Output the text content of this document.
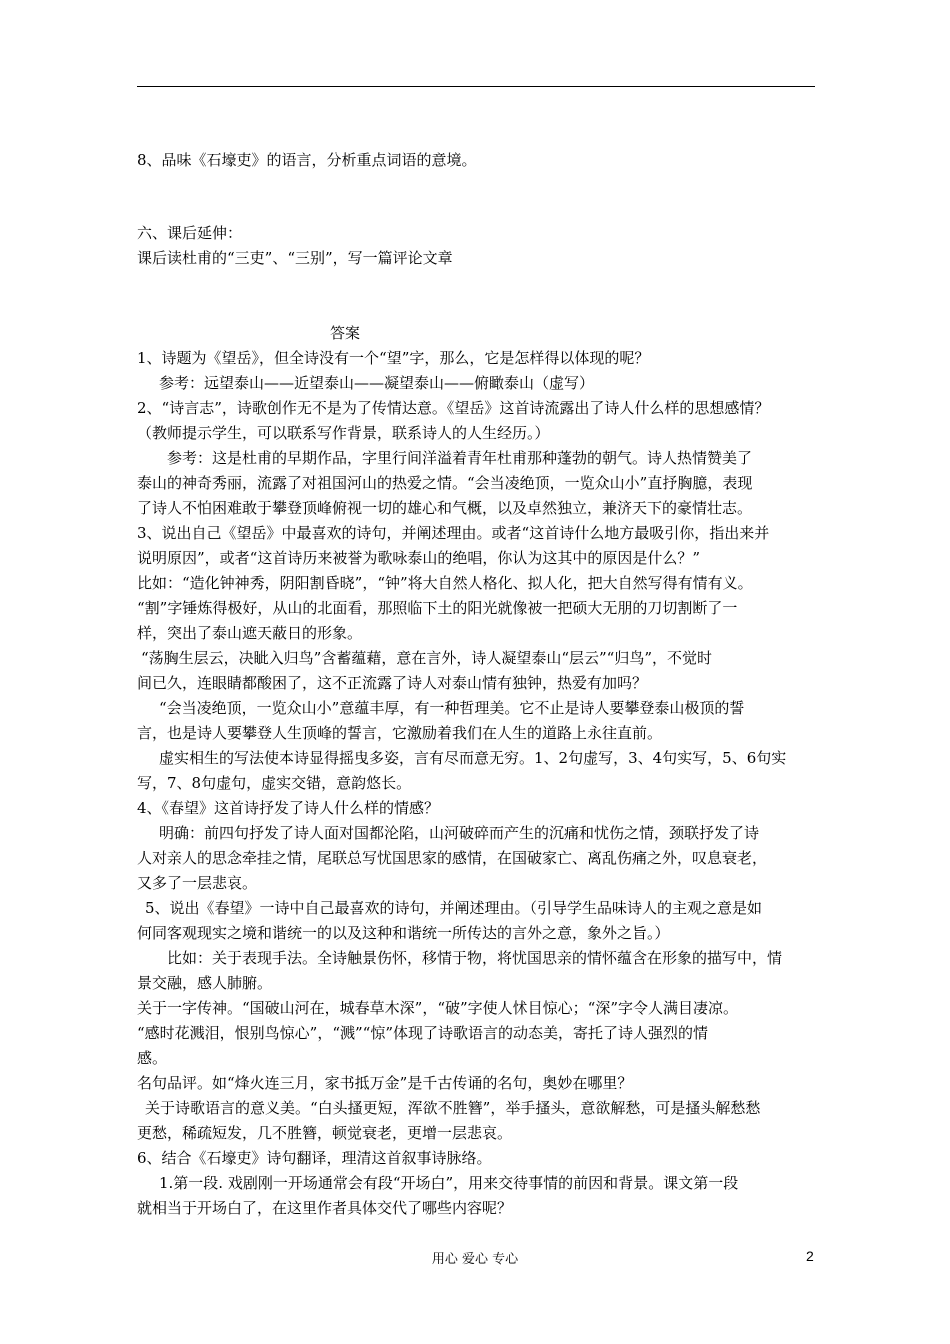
8、品味《石壕吏》的语言，分析重点词语的意境。
六、课后延伸：
课后读杜甫的“三吏”、“三别”，写一篇评论文章
答案
1、诗题为《望岳》，但全诗没有一个“望”字，那么，它是怎样得以体现的呢？
参考：远望泰山——近望泰山——凝望泰山——俯瞰泰山（虚写）
2、“诗言志”，诗歌创作无不是为了传情达意。《望岳》这首诗流露出了诗人什么样的思想感情？
（教师提示学生，可以联系写作背景，联系诗人的人生经历。）
参考：这是杜甫的早期作品，字里行间洋溢着青年杜甫那种蓬勃的朝气。诗人热情赞美了
泰山的神奇秀丽，流露了对祖国河山的热爱之情。“会当凌绝顶，一览众山小”直抒胸臆，表现
了诗人不怕困难敢于攀登顶峰俯视一切的雄心和气概，以及卓然独立，兼济天下的豪情壮志。
3、说出自己《望岳》中最喜欢的诗句，并阐述理由。或者“这首诗什么地方最吸引你，指出来并
说明原因”，或者“这首诗历来被誉为歌咏泰山的绝唱，你认为这其中的原因是什么？”
比如：“造化钟神秀，阴阳割昏晓”，“钟”将大自然人格化、拟人化，把大自然写得有情有义。
“割”字锤炼得极好，从山的北面看，那照临下土的阳光就像被一把硕大无朋的刀切割断了一
样，突出了泰山遮天蔽日的形象。
“荡胸生层云，决眦入归鸟”含蓄蕴藉，意在言外，诗人凝望泰山“层云”“归鸟”，不觉时
间已久，连眼睛都酸困了，这不正流露了诗人对泰山情有独钟，热爱有加吗？
“会当凌绝顶，一览众山小”意蕴丰厚，有一种哲理美。它不止是诗人要攀登泰山极顶的誓
言，也是诗人要攀登人生顶峰的誓言，它激励着我们在人生的道路上永往直前。
虚实相生的写法使本诗显得摇曳多姿，言有尽而意无穷。1、2句虚写，3、4句实写，5、6句实
写，7、8句虚句，虚实交错，意韵悠长。
4、《春望》这首诗抒发了诗人什么样的情感？
明确：前四句抒发了诗人面对国都沦陷，山河破碎而产生的沉痛和忧伤之情，颈联抒发了诗
人对亲人的思念牵挂之情，尾联总写忧国思家的感情，在国破家亡、离乱伤痛之外，叹息衰老，
又多了一层悲哀。
5、说出《春望》一诗中自己最喜欢的诗句，并阐述理由。（引导学生品味诗人的主观之意是如
何同客观现实之境和谐统一的以及这种和谐统一所传达的言外之意，象外之旨。）
比如：关于表现手法。全诗触景伤怀，移情于物，将忧国思亲的情怀蕴含在形象的描写中，情
景交融，感人肺腑。
关于一字传神。“国破山河在，城春草木深”，“破”字使人怵目惊心；“深”字令人满目凄凉。
“感时花溅泪，恨别鸟惊心”，“溅”“惊”体现了诗歌语言的动态美，寄托了诗人强烈的情
感。
名句品评。如“烽火连三月，家书抵万金”是千古传诵的名句，奥妙在哪里？
关于诗歌语言的意义美。“白头搔更短，浑欲不胜簪”，举手搔头，意欲解愁，可是搔头解愁愁
更愁，稀疏短发，几不胜簪，顿觉衰老，更增一层悲哀。
6、结合《石壕吏》诗句翻译，理清这首叙事诗脉络。
1.第一段. 戏剧刚一开场通常会有段“开场白”，用来交待事情的前因和背景。课文第一段
就相当于开场白了，在这里作者具体交代了哪些内容呢？
用心 爱心 专心	2
